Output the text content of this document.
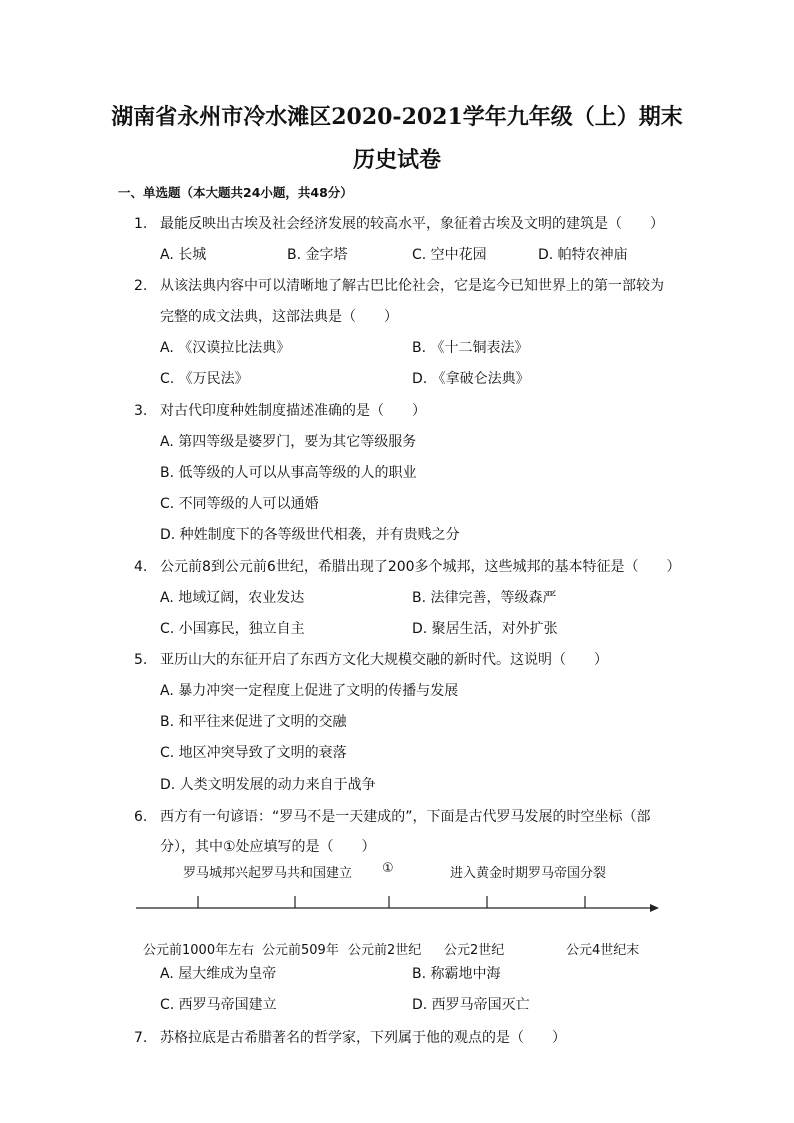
湖南省永州市冷水滩区2020-2021学年九年级（上）期末
历史试卷
一、单选题（本大题共24小题，共48分）
1. 最能反映出古埃及社会经济发展的较高水平，象征着古埃及文明的建筑是（　　）
A. 长城	B. 金字塔	C. 空中花园	D. 帕特农神庙
2. 从该法典内容中可以清晰地了解古巴比伦社会，它是迄今已知世界上的第一部较为
完整的成文法典，这部法典是（　　）
A. 《汉谟拉比法典》	B. 《十二铜表法》
C. 《万民法》	D. 《拿破仑法典》
3. 对古代印度种姓制度描述准确的是（　　）
A. 第四等级是婆罗门，要为其它等级服务
B. 低等级的人可以从事高等级的人的职业
C. 不同等级的人可以通婚
D. 种姓制度下的各等级世代相袭，并有贵贱之分
4. 公元前8到公元前6世纪，希腊出现了200多个城邦，这些城邦的基本特征是（　　）
A. 地域辽阔，农业发达	B. 法律完善，等级森严
C. 小国寡民，独立自主	D. 聚居生活，对外扩张
5. 亚历山大的东征开启了东西方文化大规模交融的新时代。这说明（　　）
A. 暴力冲突一定程度上促进了文明的传播与发展
B. 和平往来促进了文明的交融
C. 地区冲突导致了文明的衰落
D. 人类文明发展的动力来自于战争
6. 西方有一句谚语：“罗马不是一天建成的”，下面是古代罗马发展的时空坐标（部
分），其中①处应填写的是（　　）
罗马城邦兴起 罗马共和国建立 ①	进入黄金时期 罗马帝国分裂
公元前1000年左右 公元前509年 公元前2世纪 公元2世纪	公元4世纪末
A. 屋大维成为皇帝	B. 称霸地中海
C. 西罗马帝国建立	D. 西罗马帝国灭亡
7. 苏格拉底是古希腊著名的哲学家，下列属于他的观点的是（　　）
